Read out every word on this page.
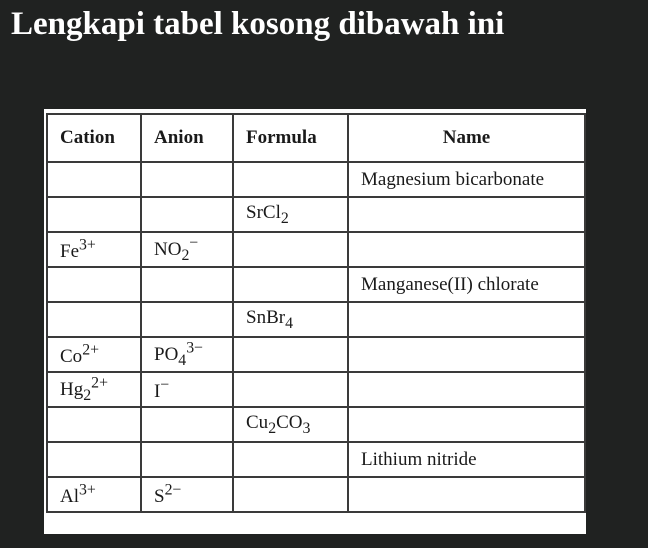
Lengkapi tabel kosong dibawah ini
Cation	Anion	Formula	Name
			Magnesium bicarbonate
		SrCl$_2$	
$Fe^{3+}$	$NO_2^-$		
			Manganese(II) chlorate
		SnBr$_4$	
$Co^{2+}$	$PO_4^{3-}$		
$Hg_2^{2+}$	I−		
		$Cu_2CO_3$	
			Lithium nitride
$Al^{3+}$	$S^{2-}$		
